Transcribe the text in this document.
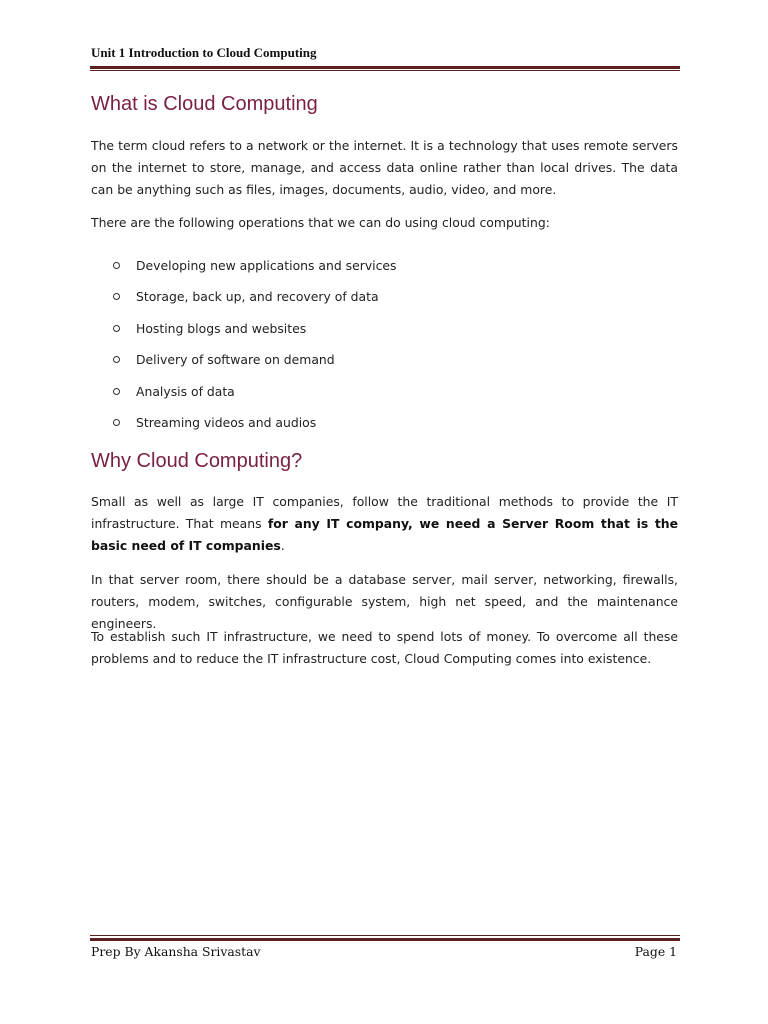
Unit 1 Introduction to Cloud Computing
What is Cloud Computing

The term cloud refers to a network or the internet. It is a technology that uses remote servers on the internet to store, manage, and access data online rather than local drives. The data can be anything such as files, images, documents, audio, video, and more.

There are the following operations that we can do using cloud computing:

Developing new applications and services
Storage, back up, and recovery of data
Hosting blogs and websites
Delivery of software on demand
Analysis of data
Streaming videos and audios
Why Cloud Computing?

Small as well as large IT companies, follow the traditional methods to provide the IT infrastructure. That means for any IT company, we need a Server Room that is the basic need of IT companies.

In that server room, there should be a database server, mail server, networking, firewalls, routers, modem, switches, configurable system, high net speed, and the maintenance engineers.

To establish such IT infrastructure, we need to spend lots of money. To overcome all these problems and to reduce the IT infrastructure cost, Cloud Computing comes into existence.

Prep By Akansha Srivastav	Page 1
